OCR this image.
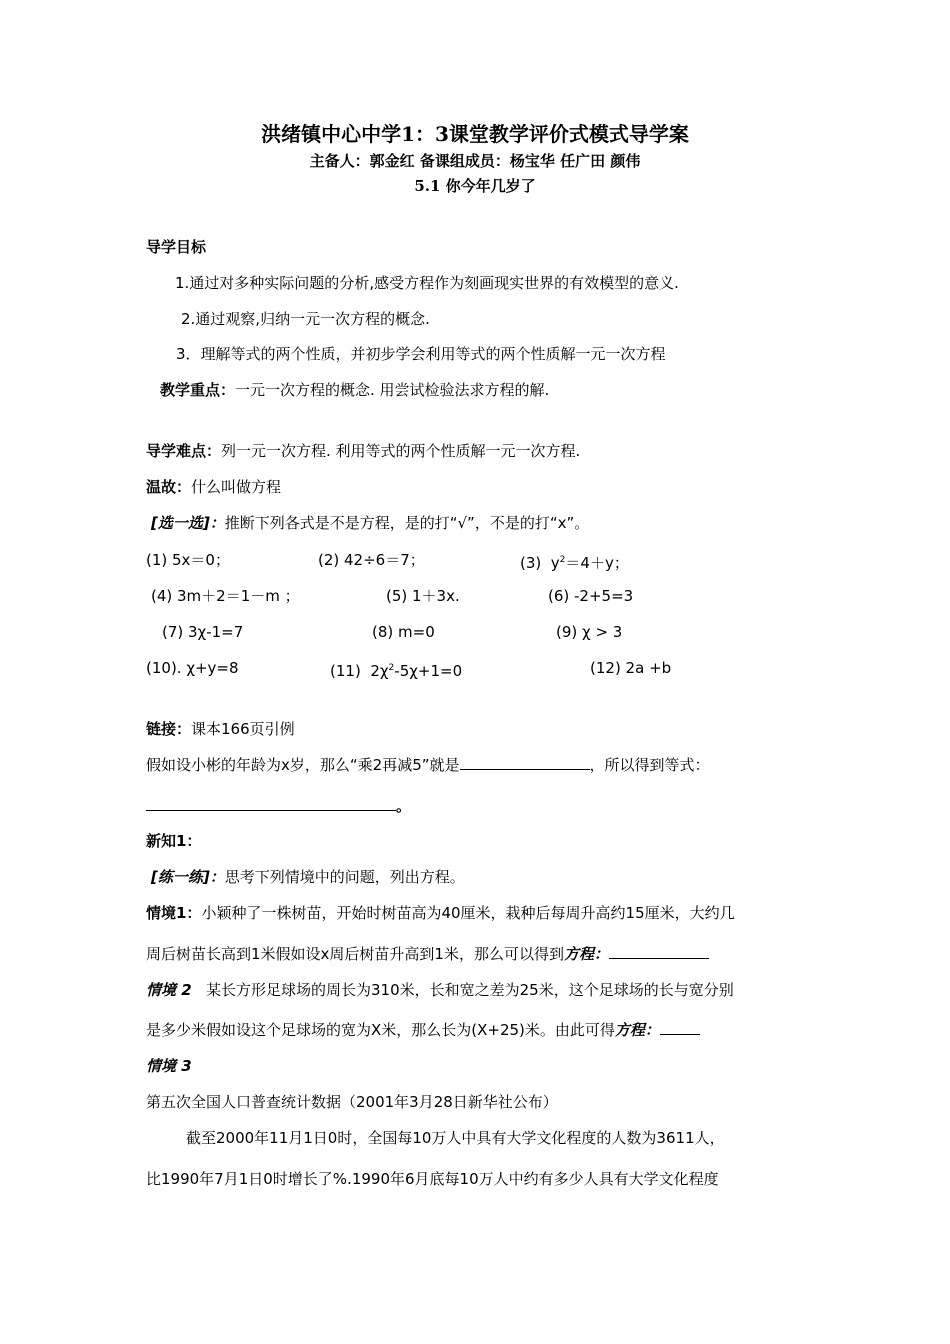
洪绪镇中心中学1：3课堂教学评价式模式导学案
主备人：郭金红 备课组成员：杨宝华 任广田 颜伟
5.1 你今年几岁了
导学目标
1.通过对多种实际问题的分析,感受方程作为刻画现实世界的有效模型的意义.
2.通过观察,归纳一元一次方程的概念.
3．理解等式的两个性质，并初步学会利用等式的两个性质解一元一次方程
教学重点：一元一次方程的概念. 用尝试检验法求方程的解.
导学难点：列一元一次方程. 利用等式的两个性质解一元一次方程.
温故：什么叫做方程
[选一选]：推断下列各式是不是方程，是的打“√”，不是的打“x”。
(1) 5x＝0；	(2) 42÷6＝7；	(3)  $y^2=4+y$；
(4) 3m＋2＝1－m ；	(5) 1＋3x.	(6) -2+5=3
(7) 3χ-1=7	(8) m=0	(9) χ > 3
(10). χ+y=8	(11)  $2\chi^2-5\chi+1=0$	(12) 2a +b
链接：课本166页引例
假如设小彬的年龄为x岁，那么“乘2再减5”就是	，所以得到等式：
。
新知1：
[练一练]：思考下列情境中的问题，列出方程。
情境1：小颖种了一株树苗，开始时树苗高为40厘米，栽种后每周升高约15厘米，大约几
周后树苗长高到1米假如设x周后树苗升高到1米，那么可以得到方程：
情境 2 某长方形足球场的周长为310米，长和宽之差为25米，这个足球场的长与宽分别
是多少米假如设这个足球场的宽为X米，那么长为(X+25)米。由此可得方程：
情境 3
第五次全国人口普查统计数据（2001年3月28日新华社公布）
截至2000年11月1日0时，全国每10万人中具有大学文化程度的人数为3611人，
比1990年7月1日0时增长了%.1990年6月底每10万人中约有多少人具有大学文化程度
